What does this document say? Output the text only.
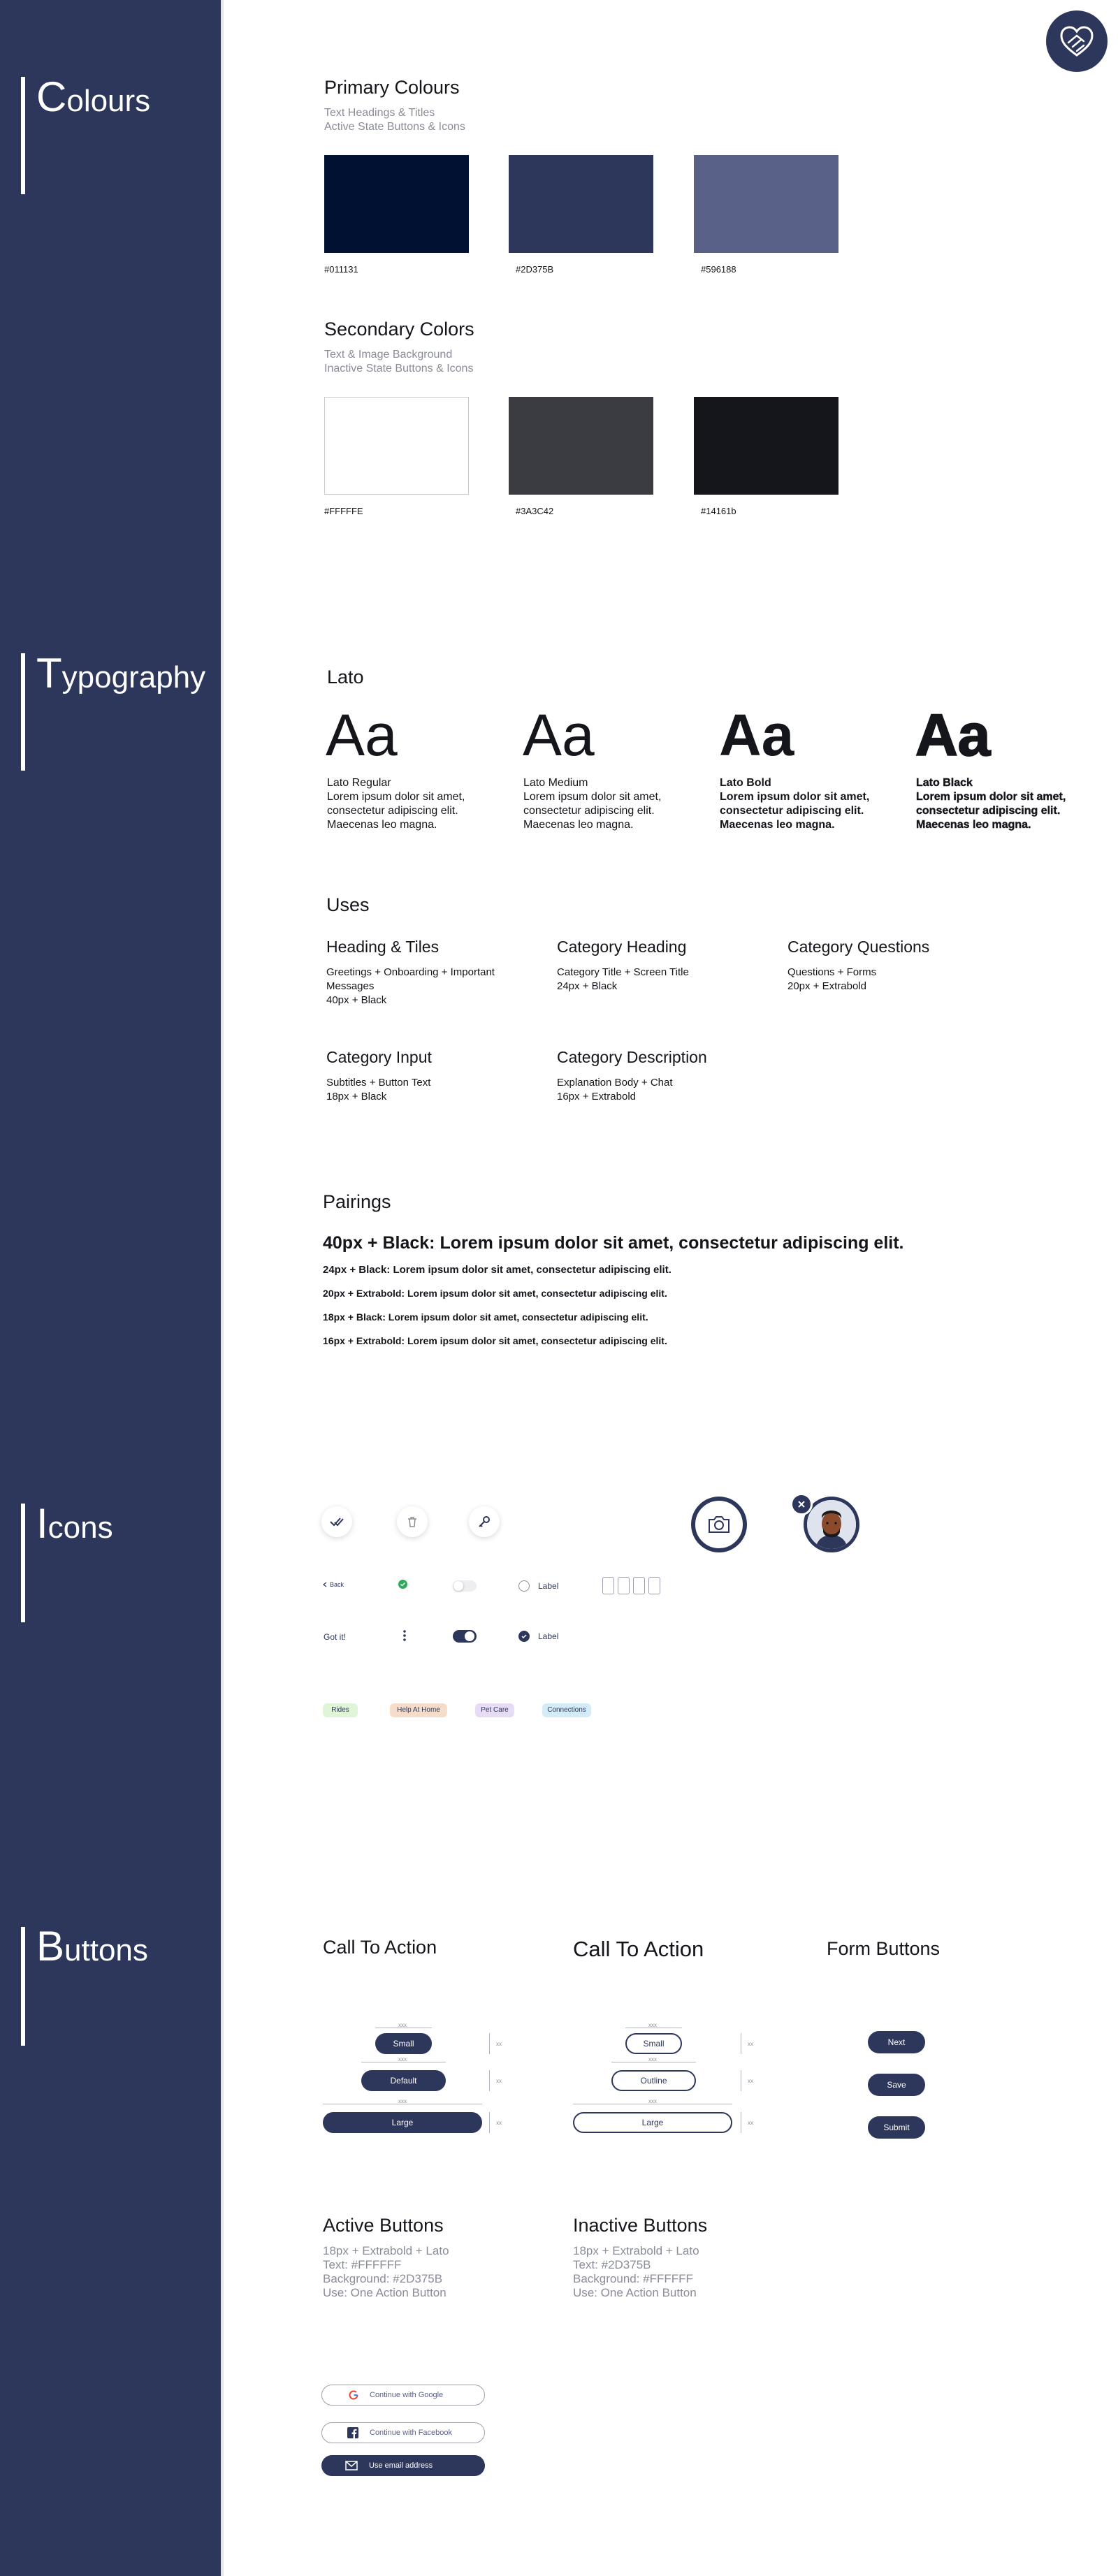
Colours
Typography
Icons
Buttons
Primary Colours
Text Headings & Titles
Active State Buttons & Icons
#011131	#2D375B	#596188
Secondary Colors
Text & Image Background
Inactive State Buttons & Icons
#FFFFFE	#3A3C42	#14161b
Lato
Aa Aa Aa Aa
Lato Regular
Lorem ipsum dolor sit amet, consectetur adipiscing elit. Maecenas leo magna.
Lato Medium
Lorem ipsum dolor sit amet, consectetur adipiscing elit. Maecenas leo magna.
Lato Bold
Lorem ipsum dolor sit amet, consectetur adipiscing elit. Maecenas leo magna.
Lato Black
Lorem ipsum dolor sit amet, consectetur adipiscing elit. Maecenas leo magna.
Uses
Heading & Tiles
Greetings + Onboarding + Important Messages
40px + Black
Category Heading
Category Title + Screen Title
24px + Black
Category Questions
Questions + Forms
20px + Extrabold
Category Input
Subtitles + Button Text
18px + Black
Category Description
Explanation Body + Chat
16px + Extrabold
Pairings
40px + Black: Lorem ipsum dolor sit amet, consectetur adipiscing elit.
24px + Black: Lorem ipsum dolor sit amet, consectetur adipiscing elit.
20px + Extrabold: Lorem ipsum dolor sit amet, consectetur adipiscing elit.
18px + Black: Lorem ipsum dolor sit amet, consectetur adipiscing elit.
16px + Extrabold: Lorem ipsum dolor sit amet, consectetur adipiscing elit.
Back	Label
Got it!	Label
Rides	Help At Home	Pet Care	Connections
Call To Action	Call To Action	Form Buttons
xxx
Small
xxx
Default
xxx
Large
xx
xx
xx
xxx
Small
xxx
Outline
xxx
Large
xx
xx
xx
Next
Save
Submit
Active Buttons
18px + Extrabold + Lato
Text: #FFFFFF
Background: #2D375B
Use: One Action Button
Inactive Buttons
18px + Extrabold + Lato
Text: #2D375B
Background: #FFFFFF
Use: One Action Button
Continue with Google
Continue with Facebook
Use email address
